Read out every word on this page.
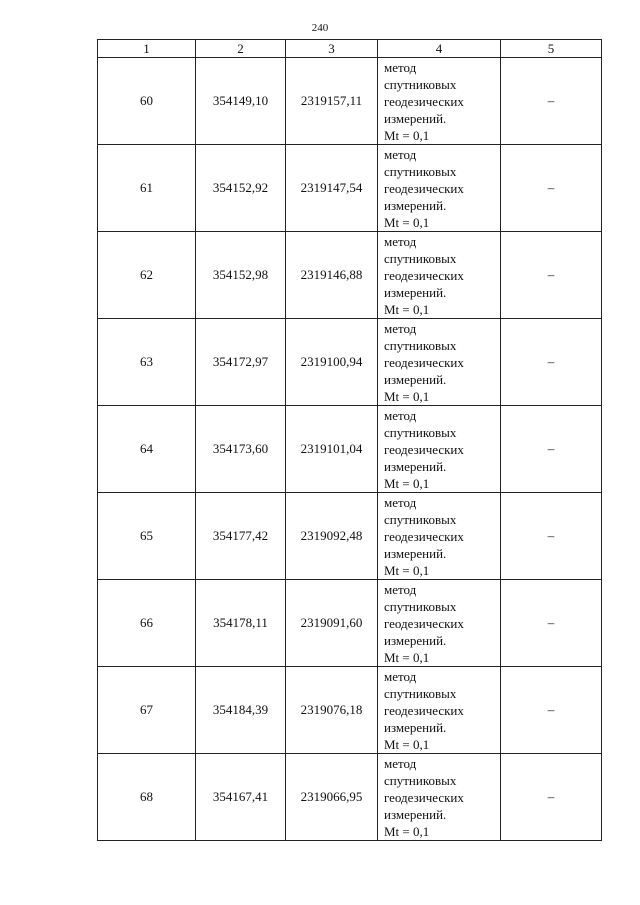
240
1	2	3	4	5
60	354149,10	2319157,11	метод
спутниковых
геодезических
измерений.
Mt = 0,1	–
61	354152,92	2319147,54	метод
спутниковых
геодезических
измерений.
Mt = 0,1	–
62	354152,98	2319146,88	метод
спутниковых
геодезических
измерений.
Mt = 0,1	–
63	354172,97	2319100,94	метод
спутниковых
геодезических
измерений.
Mt = 0,1	–
64	354173,60	2319101,04	метод
спутниковых
геодезических
измерений.
Mt = 0,1	–
65	354177,42	2319092,48	метод
спутниковых
геодезических
измерений.
Mt = 0,1	–
66	354178,11	2319091,60	метод
спутниковых
геодезических
измерений.
Mt = 0,1	–
67	354184,39	2319076,18	метод
спутниковых
геодезических
измерений.
Mt = 0,1	–
68	354167,41	2319066,95	метод
спутниковых
геодезических
измерений.
Mt = 0,1	–
